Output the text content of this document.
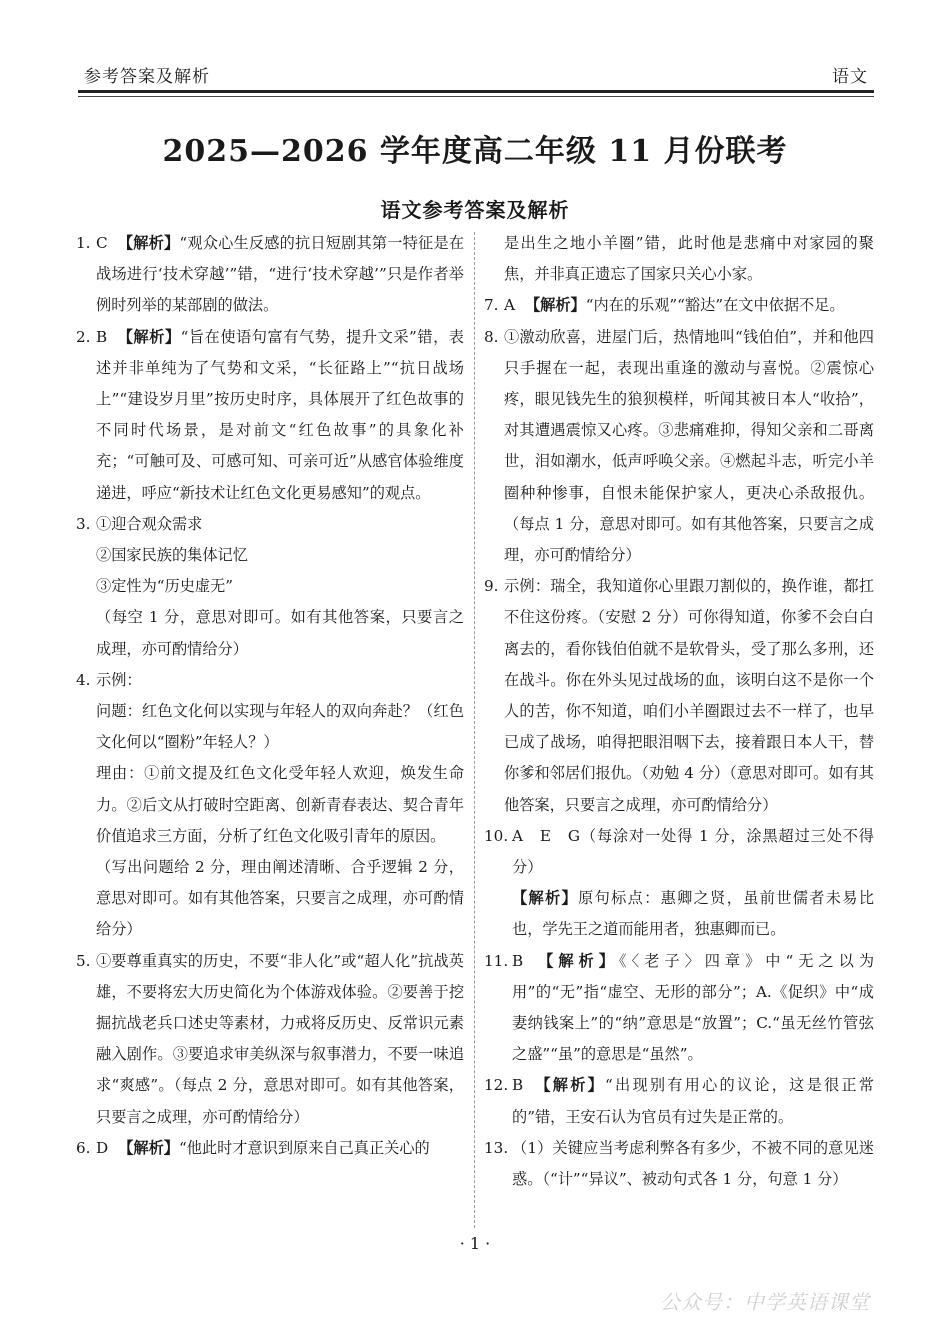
参考答案及解析	语文
2025—2026 学年度高二年级 11 月份联考
语文参考答案及解析
1. C 【解析】“观众心生反感的抗日短剧其第一特征是在战场进行‘技术穿越’”错，“进行‘技术穿越’”只是作者举例时列举的某部剧的做法。
2. B 【解析】“旨在使语句富有气势，提升文采”错，表述并非单纯为了气势和文采，“长征路上”“抗日战场上”“建设岁月里”按历史时序，具体展开了红色故事的不同时代场景，是对前文“红色故事”的具象化补充；“可触可及、可感可知、可亲可近”从感官体验维度递进，呼应“新技术让红色文化更易感知”的观点。
3. ①迎合观众需求
②国家民族的集体记忆
③定性为“历史虚无”
（每空 1 分，意思对即可。如有其他答案，只要言之成理，亦可酌情给分）
4. 示例：
问题：红色文化何以实现与年轻人的双向奔赴？（红色文化何以“圈粉”年轻人？）
理由：①前文提及红色文化受年轻人欢迎，焕发生命力。②后文从打破时空距离、创新青春表达、契合青年价值追求三方面，分析了红色文化吸引青年的原因。
（写出问题给 2 分，理由阐述清晰、合乎逻辑 2 分，意思对即可。如有其他答案，只要言之成理，亦可酌情给分）
5. ①要尊重真实的历史，不要“非人化”或“超人化”抗战英雄，不要将宏大历史简化为个体游戏体验。②要善于挖掘抗战老兵口述史等素材，力戒将反历史、反常识元素融入剧作。③要追求审美纵深与叙事潜力，不要一味追求“爽感”。（每点 2 分，意思对即可。如有其他答案，只要言之成理，亦可酌情给分）
6. D 【解析】“他此时才意识到原来自己真正关心的
是出生之地小羊圈”错，此时他是悲痛中对家园的聚焦，并非真正遗忘了国家只关心小家。
7. A 【解析】“内在的乐观”“豁达”在文中依据不足。
8. ①激动欣喜，进屋门后，热情地叫“钱伯伯”，并和他四只手握在一起，表现出重逢的激动与喜悦。②震惊心疼，眼见钱先生的狼狈模样，听闻其被日本人“收拾”，对其遭遇震惊又心疼。③悲痛难抑，得知父亲和二哥离世，泪如潮水，低声呼唤父亲。④燃起斗志，听完小羊圈种种惨事，自恨未能保护家人，更决心杀敌报仇。（每点 1 分，意思对即可。如有其他答案，只要言之成理，亦可酌情给分）
9. 示例：瑞全，我知道你心里跟刀割似的，换作谁，都扛不住这份疼。（安慰 2 分）可你得知道，你爹不会白白离去的，看你钱伯伯就不是软骨头，受了那么多刑，还在战斗。你在外头见过战场的血，该明白这不是你一个人的苦，你不知道，咱们小羊圈跟过去不一样了，也早已成了战场，咱得把眼泪咽下去，接着跟日本人干，替你爹和邻居们报仇。（劝勉 4 分）（意思对即可。如有其他答案，只要言之成理，亦可酌情给分）
10. A　E　G（每涂对一处得 1 分，涂黑超过三处不得分）
【解析】原句标点：惠卿之贤，虽前世儒者未易比也，学先王之道而能用者，独惠卿而已。
11. B 【解析】《〈老子〉四章》中“无之以为用”的“无”指“虚空、无形的部分”；A.《促织》中“成妻纳钱案上”的“纳”意思是“放置”；C.“虽无丝竹管弦之盛”“虽”的意思是“虽然”。
12. B 【解析】“出现别有用心的议论，这是很正常的”错，王安石认为官员有过失是正常的。
13. （1）关键应当考虑利弊各有多少，不被不同的意见迷惑。（“计”“异议”、被动句式各 1 分，句意 1 分）
· 1 ·
公众号：中学英语课堂
